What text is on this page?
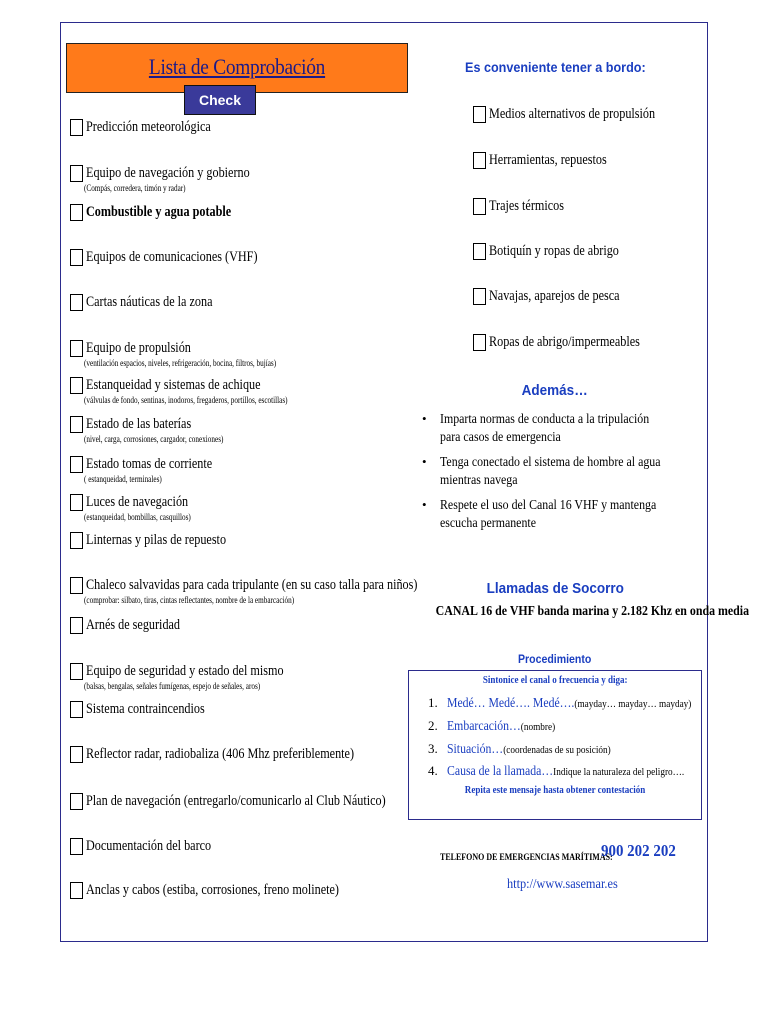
Lista de Comprobación
Check List
Predicción meteorológica
Equipo de navegación y gobierno
(Compás, corredera, timón y radar)
Combustible y agua potable
Equipos de comunicaciones (VHF)
Cartas náuticas de la zona
Equipo de propulsión
(ventilación espacios, niveles, refrigeración, bocina, filtros, bujías)
Estanqueidad y sistemas de achique
(válvulas de fondo, sentinas, inodoros, fregaderos, portillos, escotillas)
Estado de las baterías
(nivel, carga, corrosiones, cargador, conexiones)
Estado tomas de corriente
( estanqueidad, terminales)
Luces de navegación
(estanqueidad, bombillas, casquillos)
Linternas y pilas de repuesto
Chaleco salvavidas para cada tripulante (en su caso talla para niños)
(comprobar: silbato, tiras, cintas reflectantes, nombre de la embarcación)
Arnés de seguridad
Equipo de seguridad y estado del mismo
(balsas, bengalas, señales fumígenas, espejo de señales, aros)
Sistema contraincendios
Reflector radar, radiobaliza (406 Mhz preferiblemente)
Plan de navegación (entregarlo/comunicarlo al Club Náutico)
Documentación del barco
Anclas y cabos (estiba, corrosiones, freno molinete)
Es conveniente tener a bordo:
Medios alternativos de propulsión
Herramientas, repuestos
Trajes térmicos
Botiquín y ropas de abrigo
Navajas, aparejos de pesca
Ropas de abrigo/impermeables
Además…
• Imparta normas de conducta a la tripulación para casos de emergencia
• Tenga conectado el sistema de hombre al agua mientras navega
• Respete el uso del Canal 16 VHF y mantenga escucha permanente
Llamadas de Socorro
CANAL 16 de VHF banda marina y 2.182 Khz en onda media
Procedimiento
Sintonice el canal o frecuencia y diga:
Repita este mensaje hasta obtener contestación
1. Medé… Medé…. Medé….(mayday… mayday… mayday)
2. Embarcación…(nombre)
3. Situación…(coordenadas de su posición)
4. Causa de la llamada…Indique la naturaleza del peligro….
TELEFONO DE EMERGENCIAS MARÍTIMAS:
900 202 202
http://www.sasemar.es
